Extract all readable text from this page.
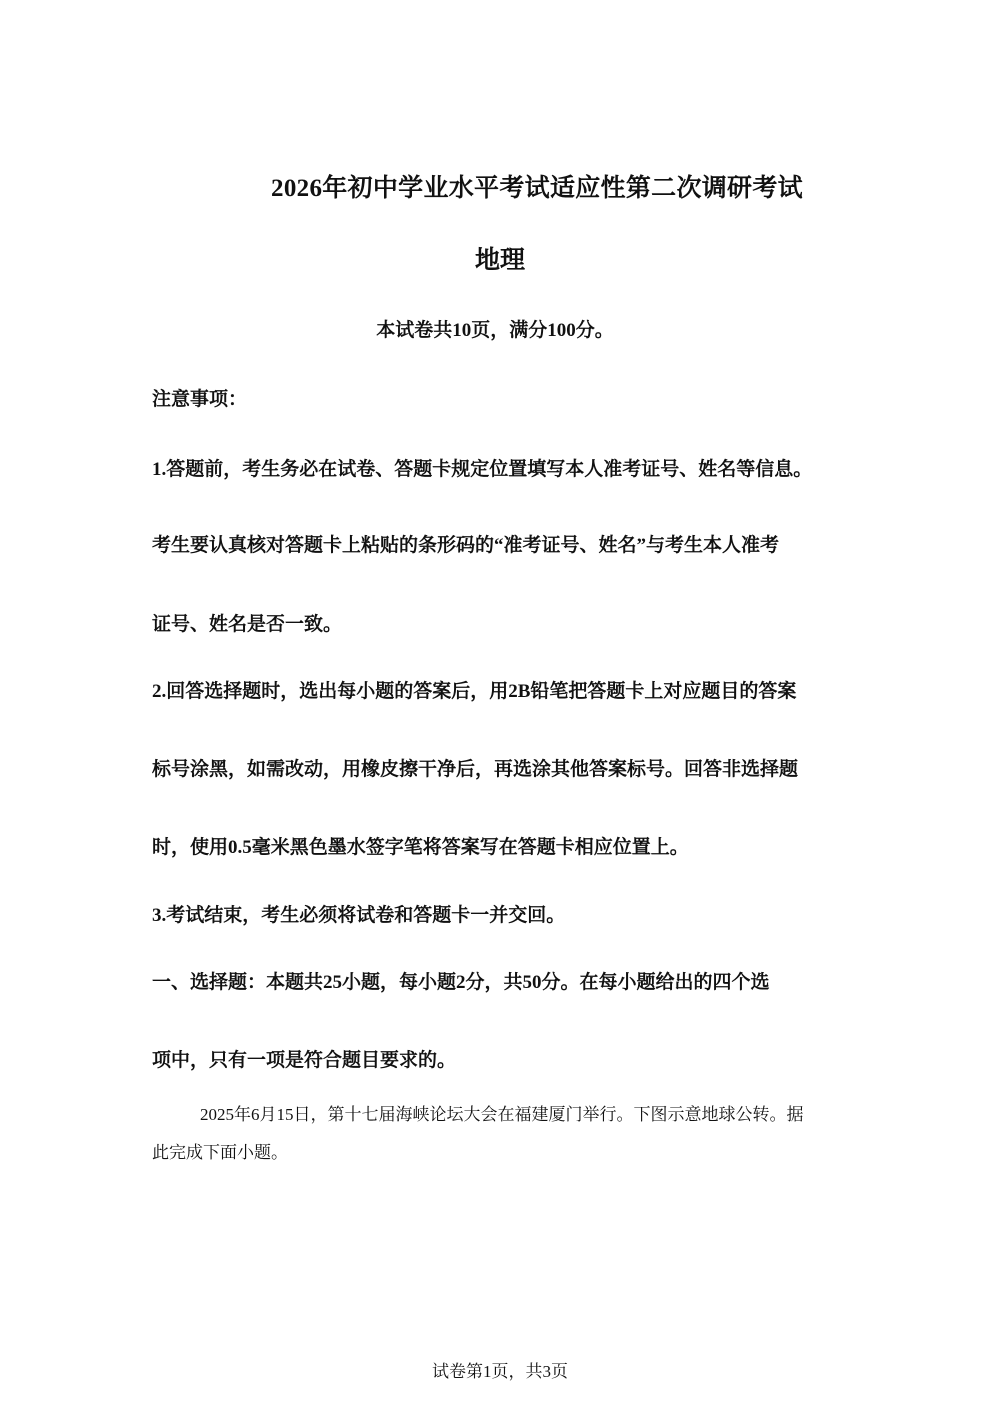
2026年初中学业水平考试适应性第二次调研考试
地理
本试卷共10页，满分100分。
注意事项：
1.答题前，考生务必在试卷、答题卡规定位置填写本人准考证号、姓名等信息。
考生要认真核对答题卡上粘贴的条形码的“准考证号、姓名”与考生本人准考
证号、姓名是否一致。
2.回答选择题时，选出每小题的答案后，用2B铅笔把答题卡上对应题目的答案
标号涂黑，如需改动，用橡皮擦干净后，再选涂其他答案标号。回答非选择题
时，使用0.5毫米黑色墨水签字笔将答案写在答题卡相应位置上。
3.考试结束，考生必须将试卷和答题卡一并交回。
一、选择题：本题共25小题，每小题2分，共50分。在每小题给出的四个选
项中，只有一项是符合题目要求的。
2025年6月15日，第十七届海峡论坛大会在福建厦门举行。下图示意地球公转。据
此完成下面小题。
试卷第1页，共3页
